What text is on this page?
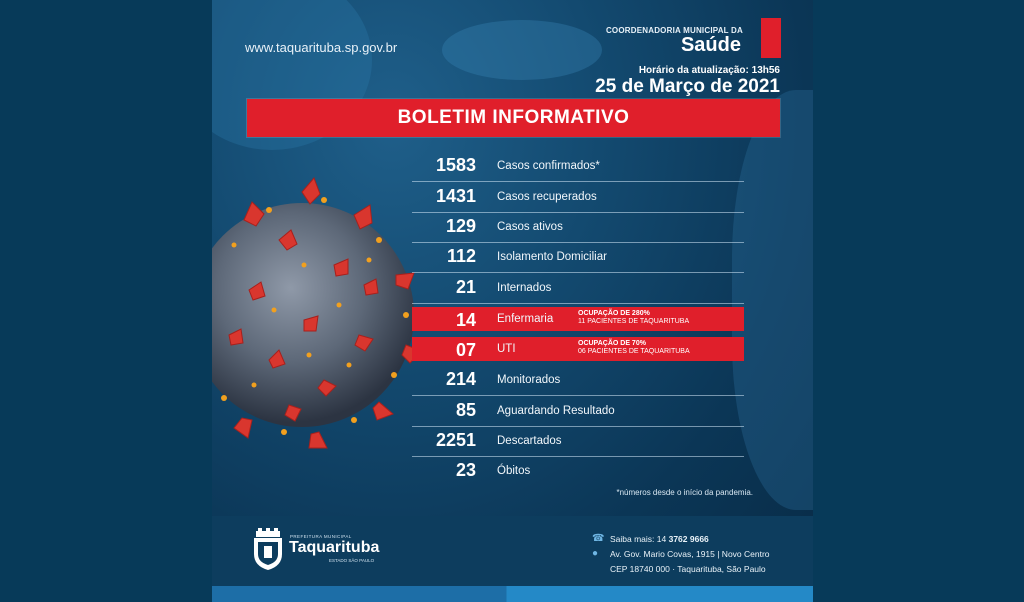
www.taquarituba.sp.gov.br
COORDENADORIA MUNICIPAL DA
Saúde
Horário da atualização: 13h56
25 de Março de 2021
BOLETIM INFORMATIVO
1583 Casos confirmados*
1431 Casos recuperados
129 Casos ativos
112 Isolamento Domiciliar
21 Internados
14 Enfermaria	OCUPAÇÃO DE 280%
11 PACIENTES DE TAQUARITUBA
07 UTI	OCUPAÇÃO DE 70%
06 PACIENTES DE TAQUARITUBA
214 Monitorados
85 Aguardando Resultado
2251 Descartados
23 Óbitos
*números desde o início da pandemia.
PREFEITURA MUNICIPAL
Taquarituba
ESTADO SÃO PAULO
☎ Saiba mais: 14 3762 9666
●	Av. Gov. Mario Covas, 1915 | Novo Centro
CEP 18740 000 · Taquarituba, São Paulo
